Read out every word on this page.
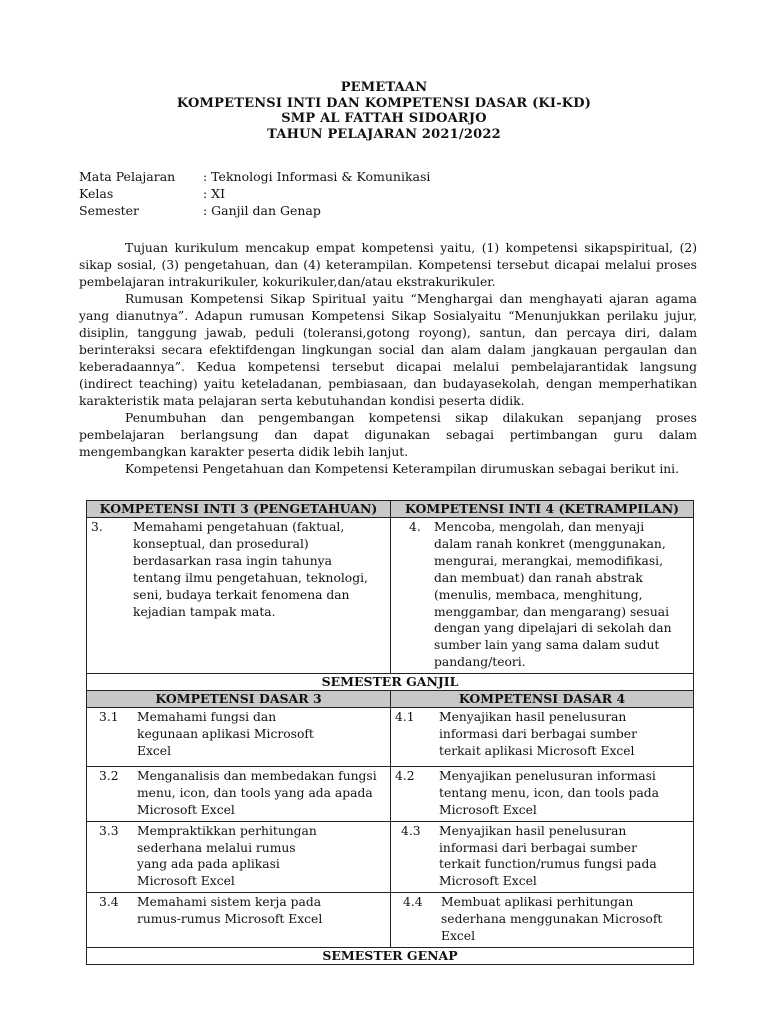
PEMETAAN
KOMPETENSI INTI DAN KOMPETENSI DASAR (KI-KD)
SMP AL FATTAH SIDOARJO
TAHUN PELAJARAN 2021/2022
Mata Pelajaran	: Teknologi Informasi & Komunikasi
Kelas	: XI
Semester	: Ganjil dan Genap

Tujuan kurikulum mencakup empat kompetensi yaitu, (1) kompetensi sikapspiritual, (2) sikap sosial, (3) pengetahuan, dan (4) keterampilan. Kompetensi tersebut dicapai melalui proses pembelajaran intrakurikuler, kokurikuler,dan/atau ekstrakurikuler.

Rumusan Kompetensi Sikap Spiritual yaitu “Menghargai dan menghayati ajaran agama yang dianutnya”. Adapun rumusan Kompetensi Sikap Sosialyaitu “Menunjukkan perilaku jujur, disiplin, tanggung jawab, peduli (toleransi,gotong royong), santun, dan percaya diri, dalam berinteraksi secara efektifdengan lingkungan social dan alam dalam jangkauan pergaulan dan keberadaannya”. Kedua kompetensi tersebut dicapai melalui pembelajarantidak langsung (indirect teaching) yaitu keteladanan, pembiasaan, dan budayasekolah, dengan memperhatikan karakteristik mata pelajaran serta kebutuhandan kondisi peserta didik.

Penumbuhan dan pengembangan kompetensi sikap dilakukan sepanjang proses pembelajaran berlangsung dan dapat digunakan sebagai pertimbangan guru dalam mengembangkan karakter peserta didik lebih lanjut.

Kompetensi Pengetahuan dan Kompetensi Keterampilan dirumuskan sebagai berikut ini.

KOMPETENSI INTI 3 (PENGETAHUAN)	KOMPETENSI INTI 4 (KETRAMPILAN)

3. Memahami pengetahuan (faktual, konseptual, dan prosedural) berdasarkan rasa ingin tahunya tentang ilmu pengetahuan, teknologi, seni, budaya terkait fenomena dan kejadian tampak mata.	4. Mencoba, mengolah, dan menyaji dalam ranah konkret (menggunakan, mengurai, merangkai, memodifikasi, dan membuat) dan ranah abstrak (menulis, membaca, menghitung, menggambar, dan mengarang) sesuai dengan yang dipelajari di sekolah dan sumber lain yang sama dalam sudut pandang/teori.

SEMESTER GANJIL	
KOMPETENSI DASAR 3	KOMPETENSI DASAR 4

3.1 Memahami fungsi dan kegunaan aplikasi Microsoft Excel	4.1 Menyajikan hasil penelusuran informasi dari berbagai sumber terkait aplikasi Microsoft Excel

3.2 Menganalisis dan membedakan fungsi menu, icon, dan tools yang ada apada Microsoft Excel	4.2 Menyajikan penelusuran informasi tentang menu, icon, dan tools pada Microsoft Excel

3.3 Mempraktikkan perhitungan sederhana melalui rumus yang ada pada aplikasi Microsoft Excel	4.3 Menyajikan hasil penelusuran informasi dari berbagai sumber terkait function/rumus fungsi pada Microsoft Excel

3.4 Memahami sistem kerja pada rumus-rumus Microsoft Excel	4.4 Membuat aplikasi perhitungan sederhana menggunakan Microsoft Excel

SEMESTER GENAP	
